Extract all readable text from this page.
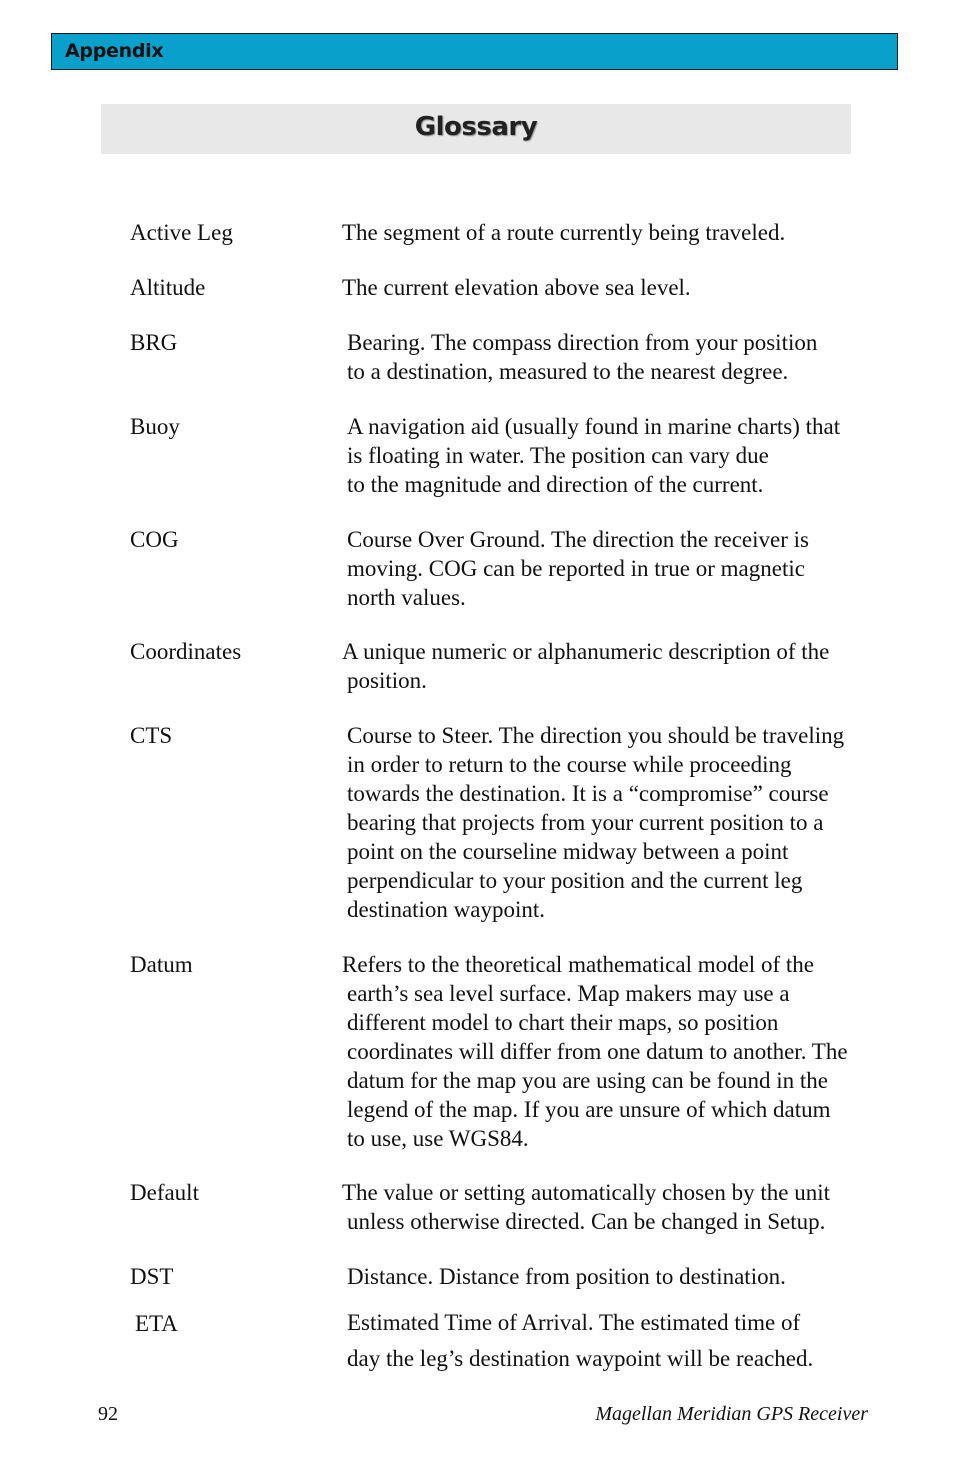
Appendix
Glossary
Active Leg	The segment of a route currently being traveled.
Altitude	The current elevation above sea level.
BRG	Bearing. The compass direction from your position
to a destination, measured to the nearest degree.
Buoy	A navigation aid (usually found in marine charts) that
is floating in water. The position can vary due
to the magnitude and direction of the current.
COG	Course Over Ground. The direction the receiver is
moving. COG can be reported in true or magnetic
north values.
Coordinates	A unique numeric or alphanumeric description of the
position.
CTS	Course to Steer. The direction you should be traveling
in order to return to the course while proceeding
towards the destination. It is a “compromise” course
bearing that projects from your current position to a
point on the courseline midway between a point
perpendicular to your position and the current leg
destination waypoint.
Datum	Refers to the theoretical mathematical model of the
earth’s sea level surface. Map makers may use a
different model to chart their maps, so position
coordinates will differ from one datum to another. The
datum for the map you are using can be found in the
legend of the map. If you are unsure of which datum
to use, use WGS84.
Default	The value or setting automatically chosen by the unit
unless otherwise directed. Can be changed in Setup.
DST	Distance. Distance from position to destination.
ETA	Estimated Time of Arrival. The estimated time of
day the leg’s destination waypoint will be reached.
92	Magellan Meridian GPS Receiver
